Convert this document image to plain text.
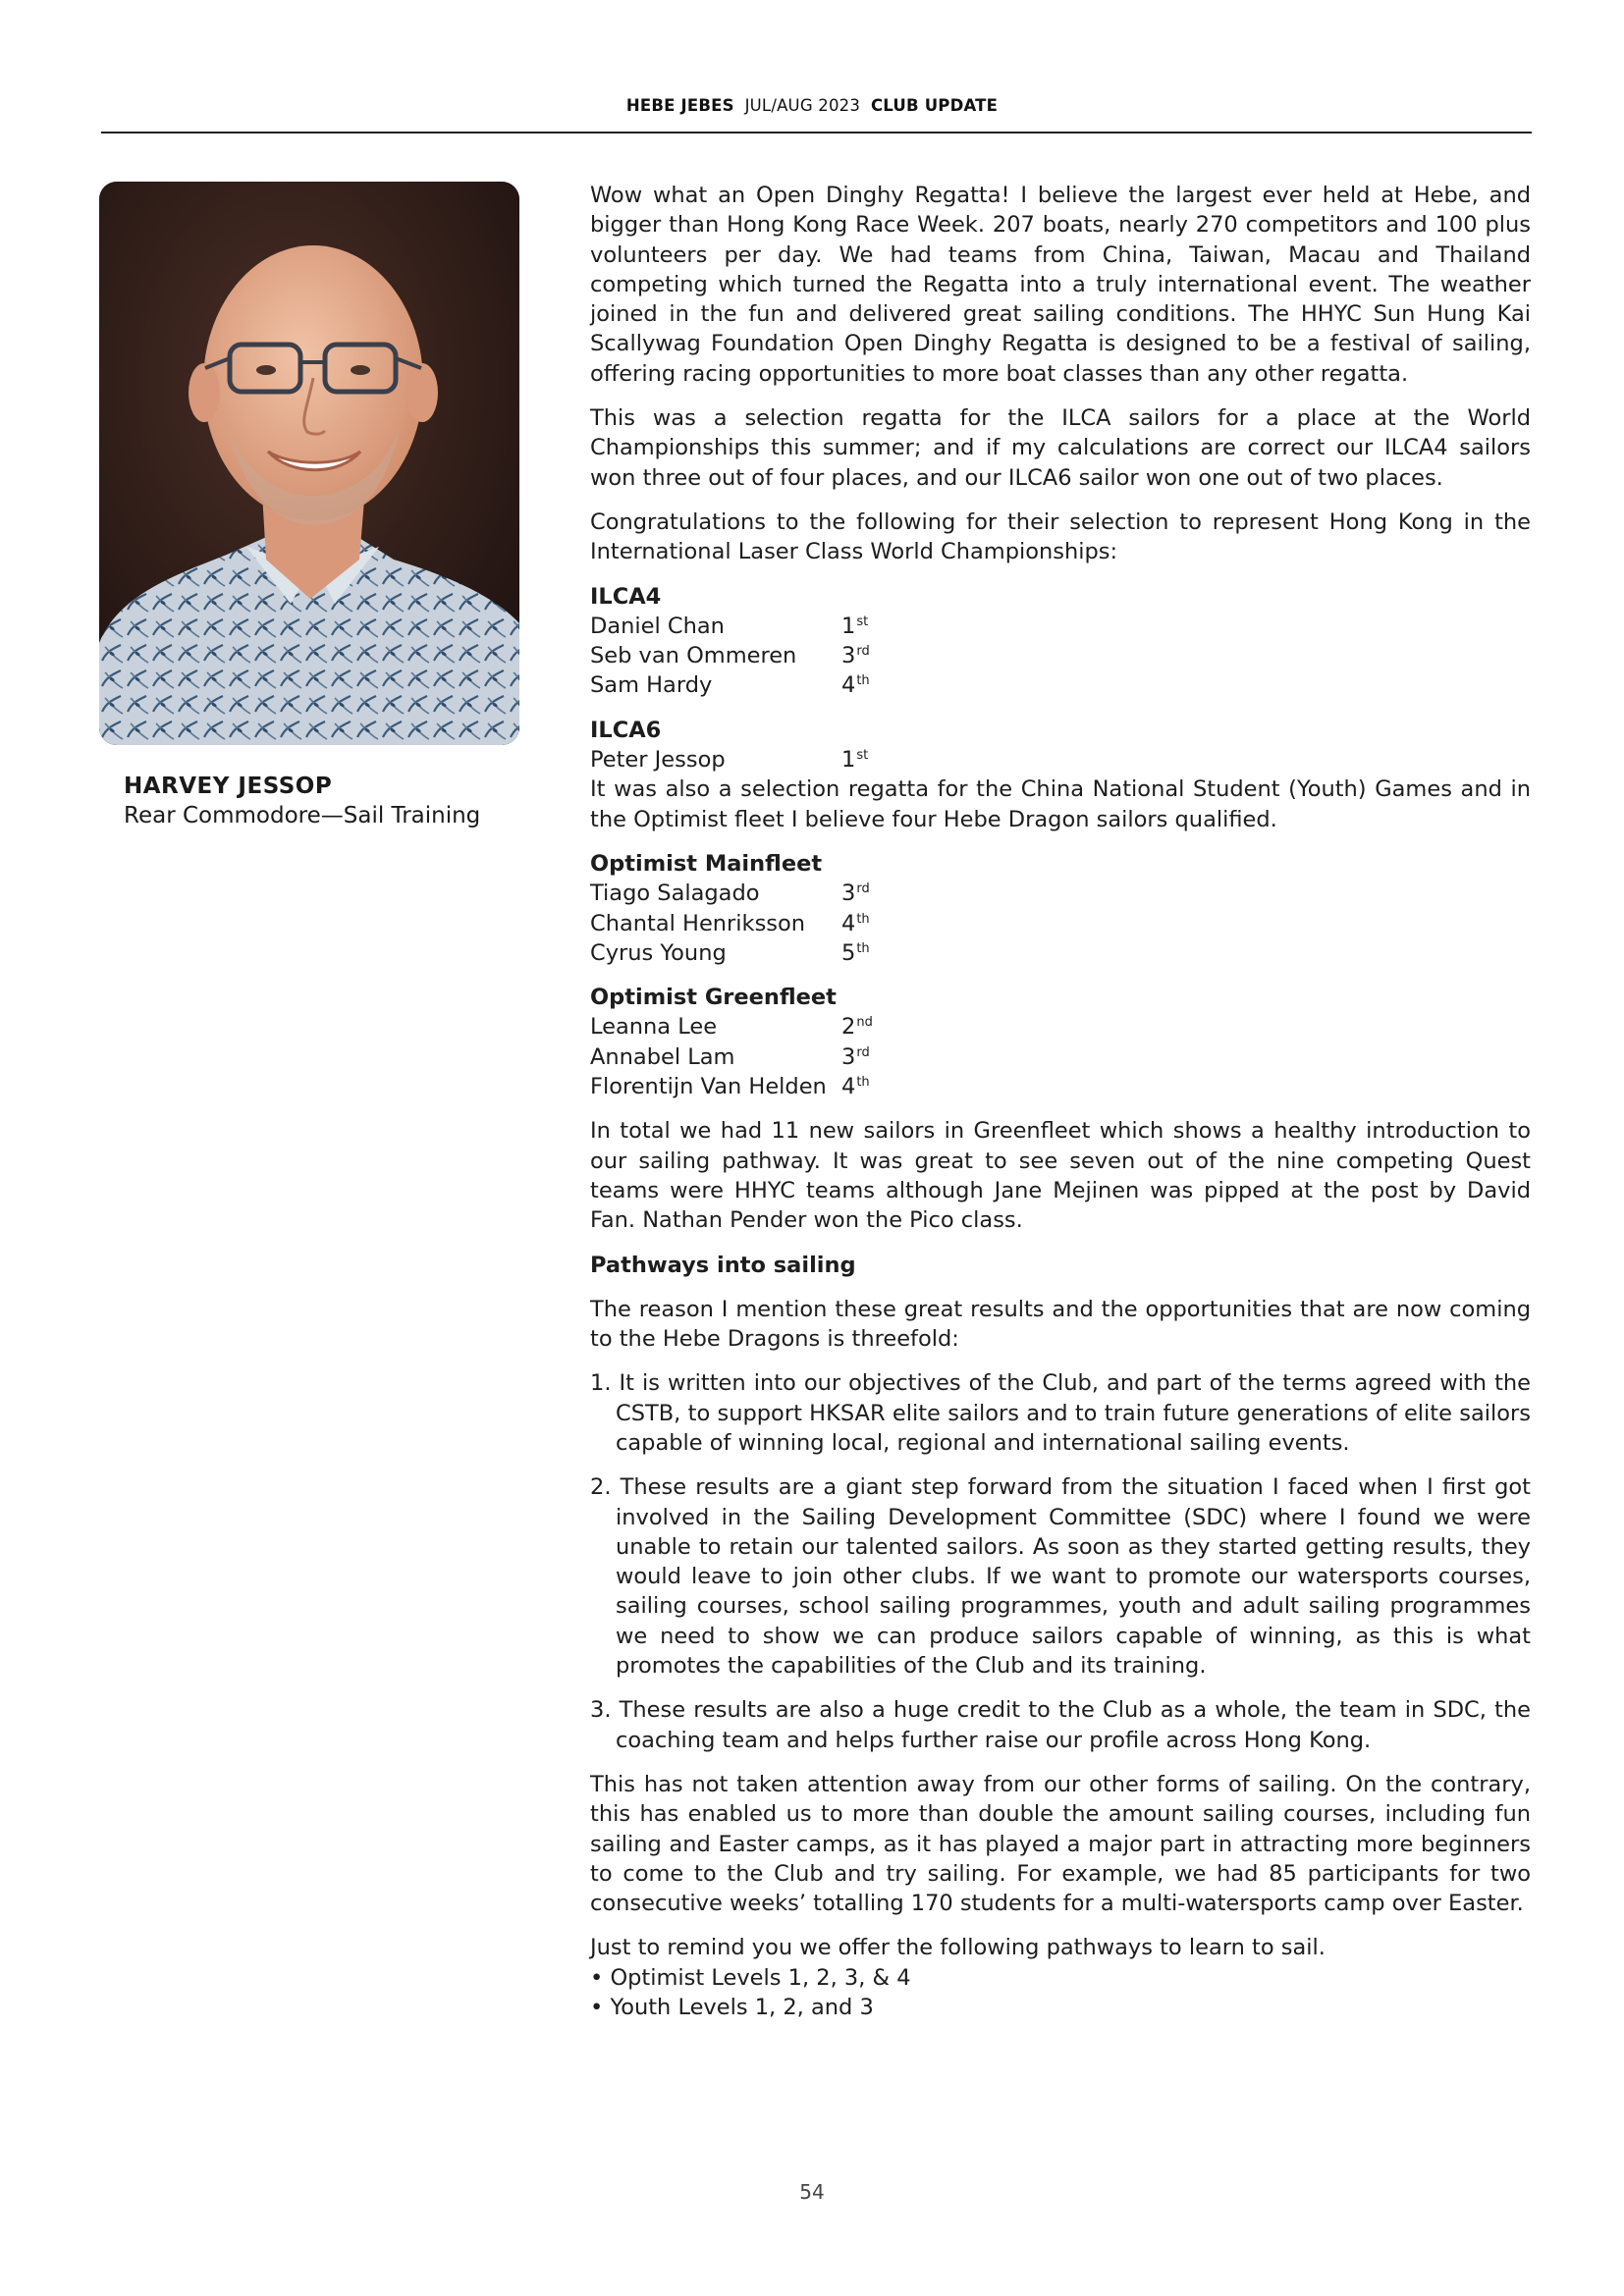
HEBE JEBES JUL/AUG 2023 CLUB UPDATE
HARVEY JESSOP
Rear Commodore—Sail Training

Wow what an Open Dinghy Regatta! I believe the largest ever held at Hebe, and bigger than Hong Kong Race Week. 207 boats, nearly 270 competitors and 100 plus volunteers per day. We had teams from China, Taiwan, Macau and Thailand competing which turned the Regatta into a truly international event. The weather joined in the fun and delivered great sailing conditions. The HHYC Sun Hung Kai Scallywag Foundation Open Dinghy Regatta is designed to be a festival of sailing, offering racing opportunities to more boat classes than any other regatta.

This was a selection regatta for the ILCA sailors for a place at the World Championships this summer; and if my calculations are correct our ILCA4 sailors won three out of four places, and our ILCA6 sailor won one out of two places.

Congratulations to the following for their selection to represent Hong Kong in the International Laser Class World Championships:

ILCA4
Daniel Chan	1st
Seb van Ommeren	3rd
Sam Hardy	4th
ILCA6
Peter Jessop	1st

It was also a selection regatta for the China National Student (Youth) Games and in the Optimist fleet I believe four Hebe Dragon sailors qualified.

Optimist Mainfleet
Tiago Salagado	3rd
Chantal Henriksson	4th
Cyrus Young	5th
Optimist Greenfleet
Leanna Lee	2nd
Annabel Lam	3rd
Florentijn Van Helden 4th

In total we had 11 new sailors in Greenfleet which shows a healthy introduction to our sailing pathway. It was great to see seven out of the nine competing Quest teams were HHYC teams although Jane Mejinen was pipped at the post by David Fan. Nathan Pender won the Pico class.

Pathways into sailing

The reason I mention these great results and the opportunities that are now coming to the Hebe Dragons is threefold:

1. It is written into our objectives of the Club, and part of the terms agreed with the CSTB, to support HKSAR elite sailors and to train future generations of elite sailors capable of winning local, regional and international sailing events.
2. These results are a giant step forward from the situation I faced when I first got involved in the Sailing Development Committee (SDC) where I found we were unable to retain our talented sailors. As soon as they started getting results, they would leave to join other clubs. If we want to promote our watersports courses, sailing courses, school sailing programmes, youth and adult sailing programmes we need to show we can produce sailors capable of winning, as this is what promotes the capabilities of the Club and its training.
3. These results are also a huge credit to the Club as a whole, the team in SDC, the coaching team and helps further raise our profile across Hong Kong.

This has not taken attention away from our other forms of sailing. On the contrary, this has enabled us to more than double the amount sailing courses, including fun sailing and Easter camps, as it has played a major part in attracting more beginners to come to the Club and try sailing. For example, we had 85 participants for two consecutive weeks’ totalling 170 students for a multi-watersports camp over Easter.

Just to remind you we offer the following pathways to learn to sail.

• Optimist Levels 1, 2, 3, & 4
• Youth Levels 1, 2, and 3
54
